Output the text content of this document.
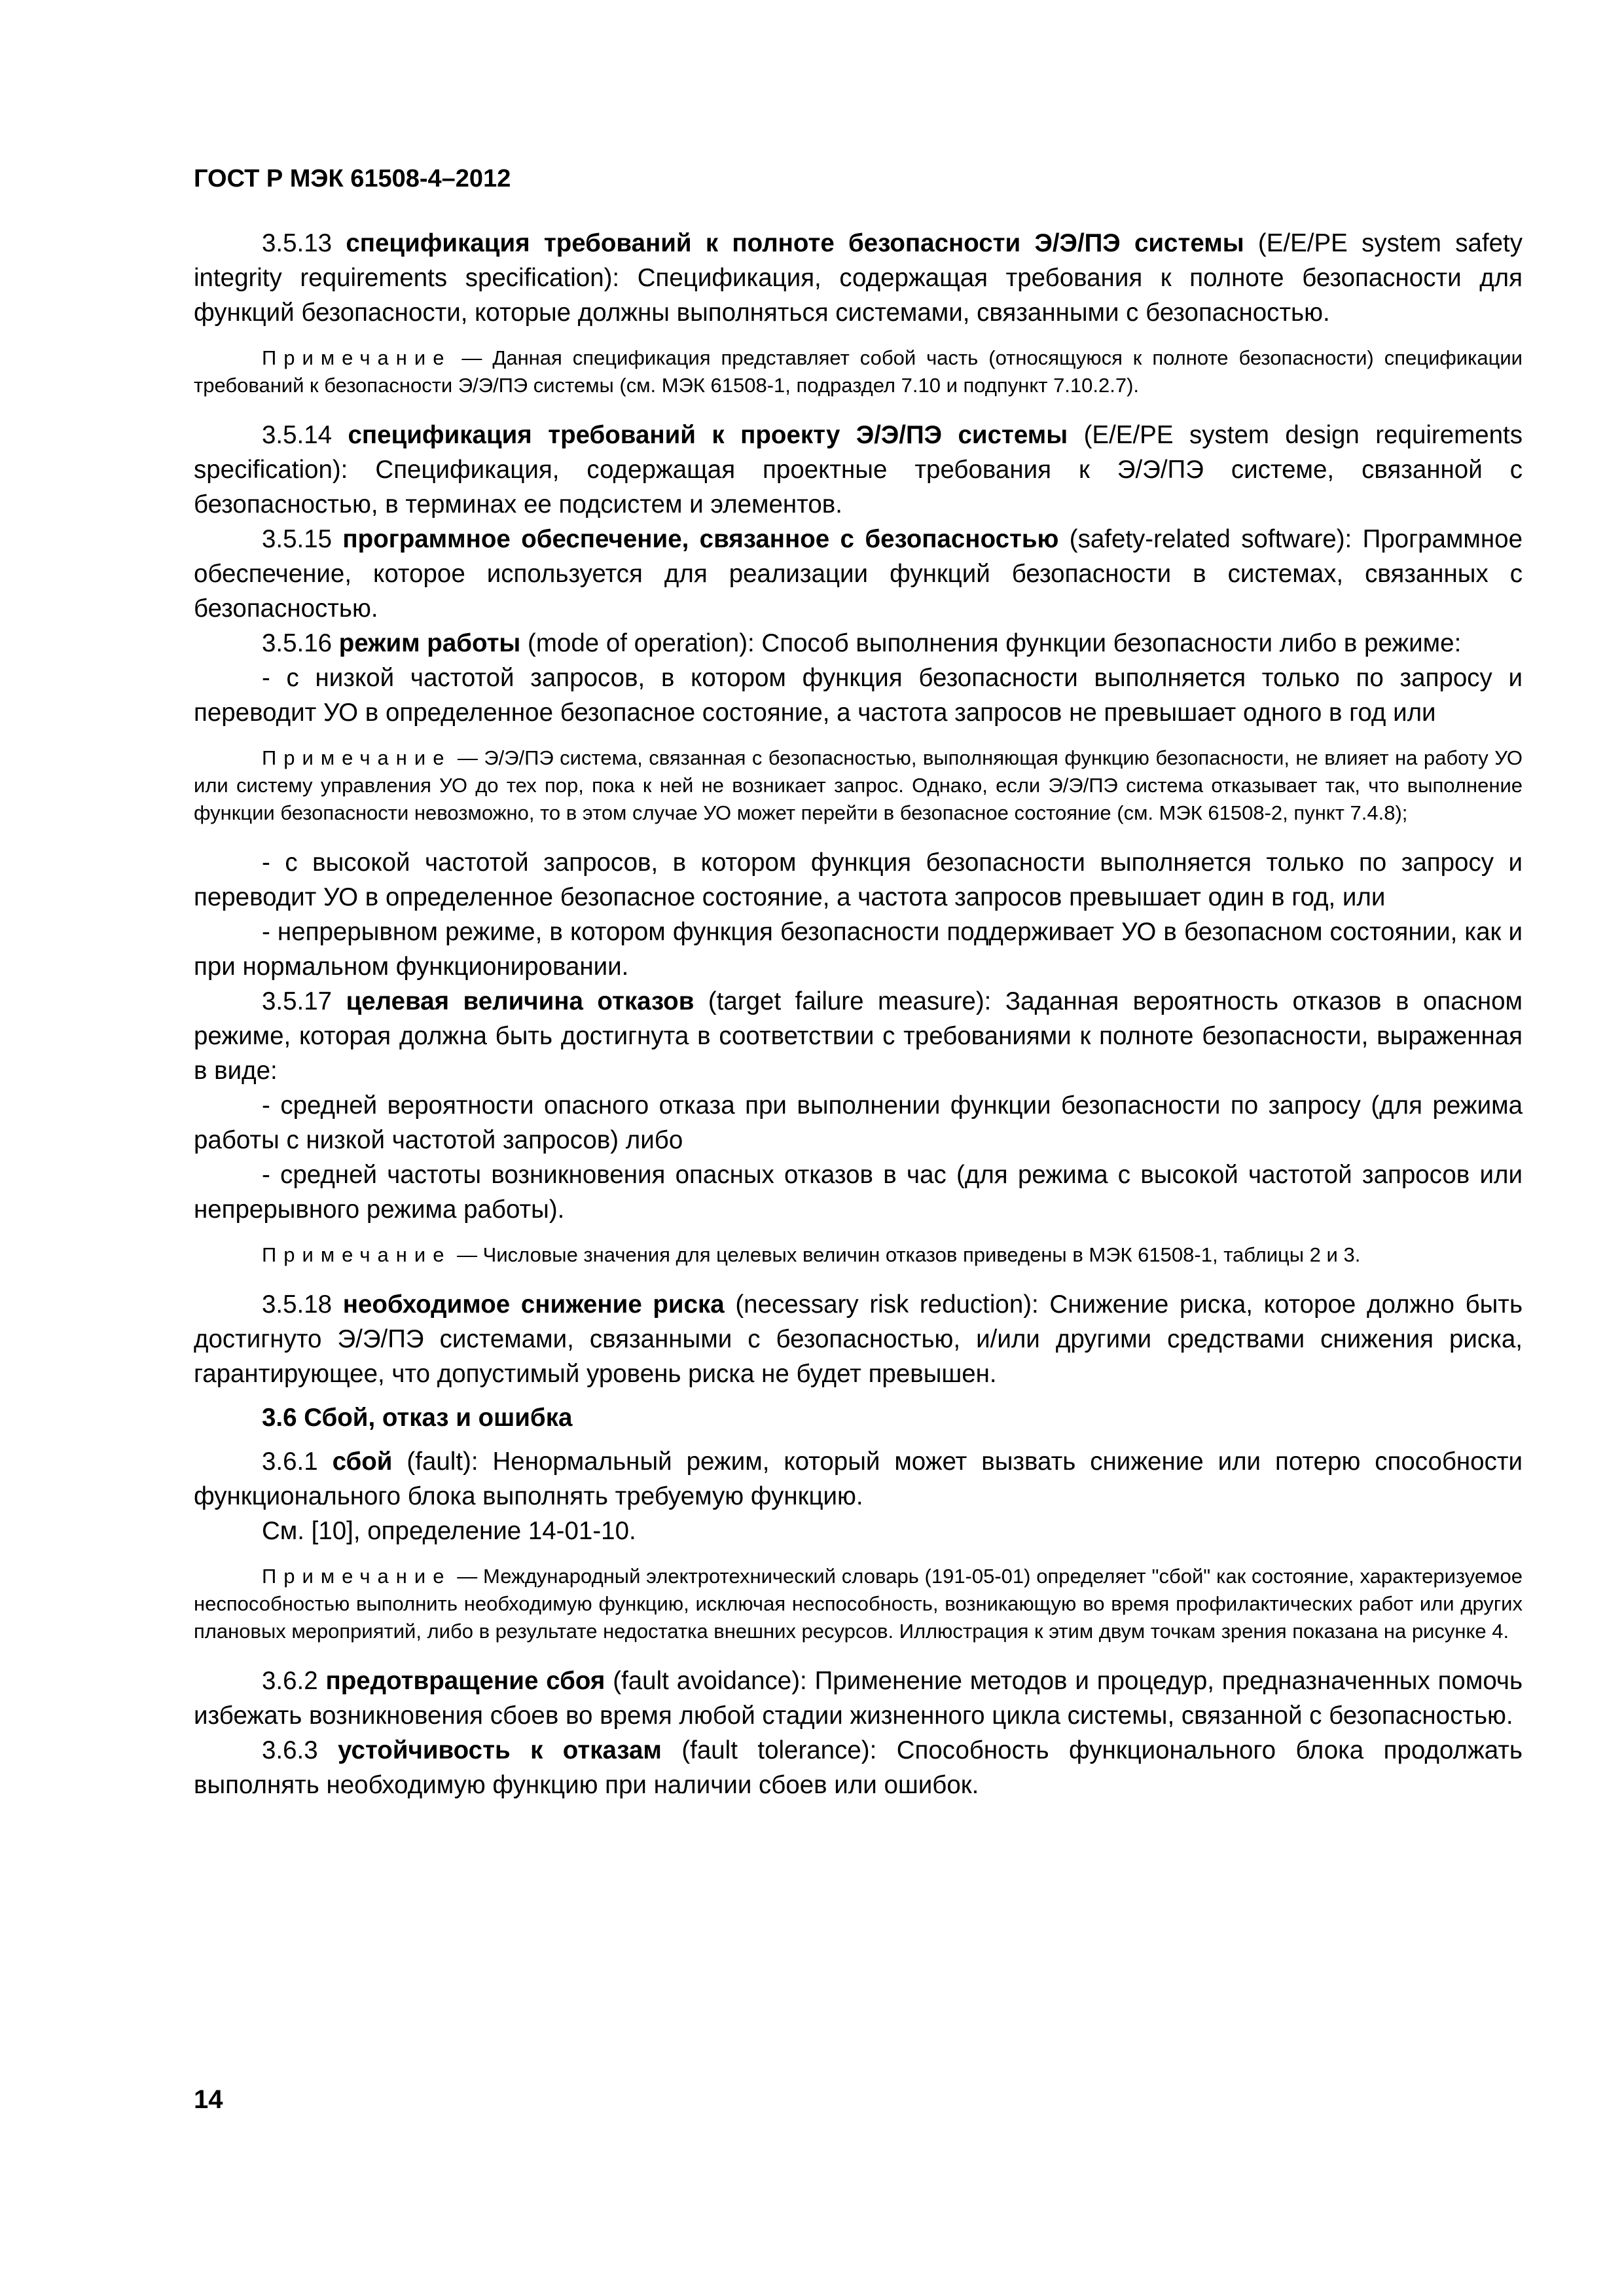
ГОСТ Р МЭК 61508-4–2012

3.5.13 спецификация требований к полноте безопасности Э/Э/ПЭ системы (E/E/PE system safety integrity requirements specification): Спецификация, содержащая требования к полноте безопасности для функций безопасности, которые должны выполняться системами, связанными с безопасностью.

Примечание — Данная спецификация представляет собой часть (относящуюся к полноте безопасности) спецификации требований к безопасности Э/Э/ПЭ системы (см. МЭК 61508-1, подраздел 7.10 и подпункт 7.10.2.7).

3.5.14 спецификация требований к проекту Э/Э/ПЭ системы (E/E/PE system design requirements specification): Спецификация, содержащая проектные требования к Э/Э/ПЭ системе, связанной с безопасностью, в терминах ее подсистем и элементов.

3.5.15 программное обеспечение, связанное с безопасностью (safety-related software): Программное обеспечение, которое используется для реализации функций безопасности в системах, связанных с безопасностью.

3.5.16 режим работы (mode of operation): Способ выполнения функции безопасности либо в режиме:

- с низкой частотой запросов, в котором функция безопасности выполняется только по запросу и переводит УО в определенное безопасное состояние, а частота запросов не превышает одного в год или

Примечание — Э/Э/ПЭ система, связанная с безопасностью, выполняющая функцию безопасности, не влияет на работу УО или систему управления УО до тех пор, пока к ней не возникает запрос. Однако, если Э/Э/ПЭ система отказывает так, что выполнение функции безопасности невозможно, то в этом случае УО может перейти в безопасное состояние (см. МЭК 61508-2, пункт 7.4.8);

- с высокой частотой запросов, в котором функция безопасности выполняется только по запросу и переводит УО в определенное безопасное состояние, а частота запросов превышает один в год, или

- непрерывном режиме, в котором функция безопасности поддерживает УО в безопасном состоянии, как и при нормальном функционировании.

3.5.17 целевая величина отказов (target failure measure): Заданная вероятность отказов в опасном режиме, которая должна быть достигнута в соответствии с требованиями к полноте безопасности, выраженная в виде:

- средней вероятности опасного отказа при выполнении функции безопасности по запросу (для режима работы с низкой частотой запросов) либо

- средней частоты возникновения опасных отказов в час (для режима с высокой частотой запросов или непрерывного режима работы).

Примечание — Числовые значения для целевых величин отказов приведены в МЭК 61508-1, таблицы 2 и 3.

3.5.18 необходимое снижение риска (necessary risk reduction): Снижение риска, которое должно быть достигнуто Э/Э/ПЭ системами, связанными с безопасностью, и/или другими средствами снижения риска, гарантирующее, что допустимый уровень риска не будет превышен.

3.6 Сбой, отказ и ошибка

3.6.1 сбой (fault): Ненормальный режим, который может вызвать снижение или потерю способности функционального блока выполнять требуемую функцию.

См. [10], определение 14-01-10.

Примечание — Международный электротехнический словарь (191-05-01) определяет "сбой" как состояние, характеризуемое неспособностью выполнить необходимую функцию, исключая неспособность, возникающую во время профилактических работ или других плановых мероприятий, либо в результате недостатка внешних ресурсов. Иллюстрация к этим двум точкам зрения показана на рисунке 4.

3.6.2 предотвращение сбоя (fault avoidance): Применение методов и процедур, предназначенных помочь избежать возникновения сбоев во время любой стадии жизненного цикла системы, связанной с безопасностью.

3.6.3 устойчивость к отказам (fault tolerance): Способность функционального блока продолжать выполнять необходимую функцию при наличии сбоев или ошибок.

14
